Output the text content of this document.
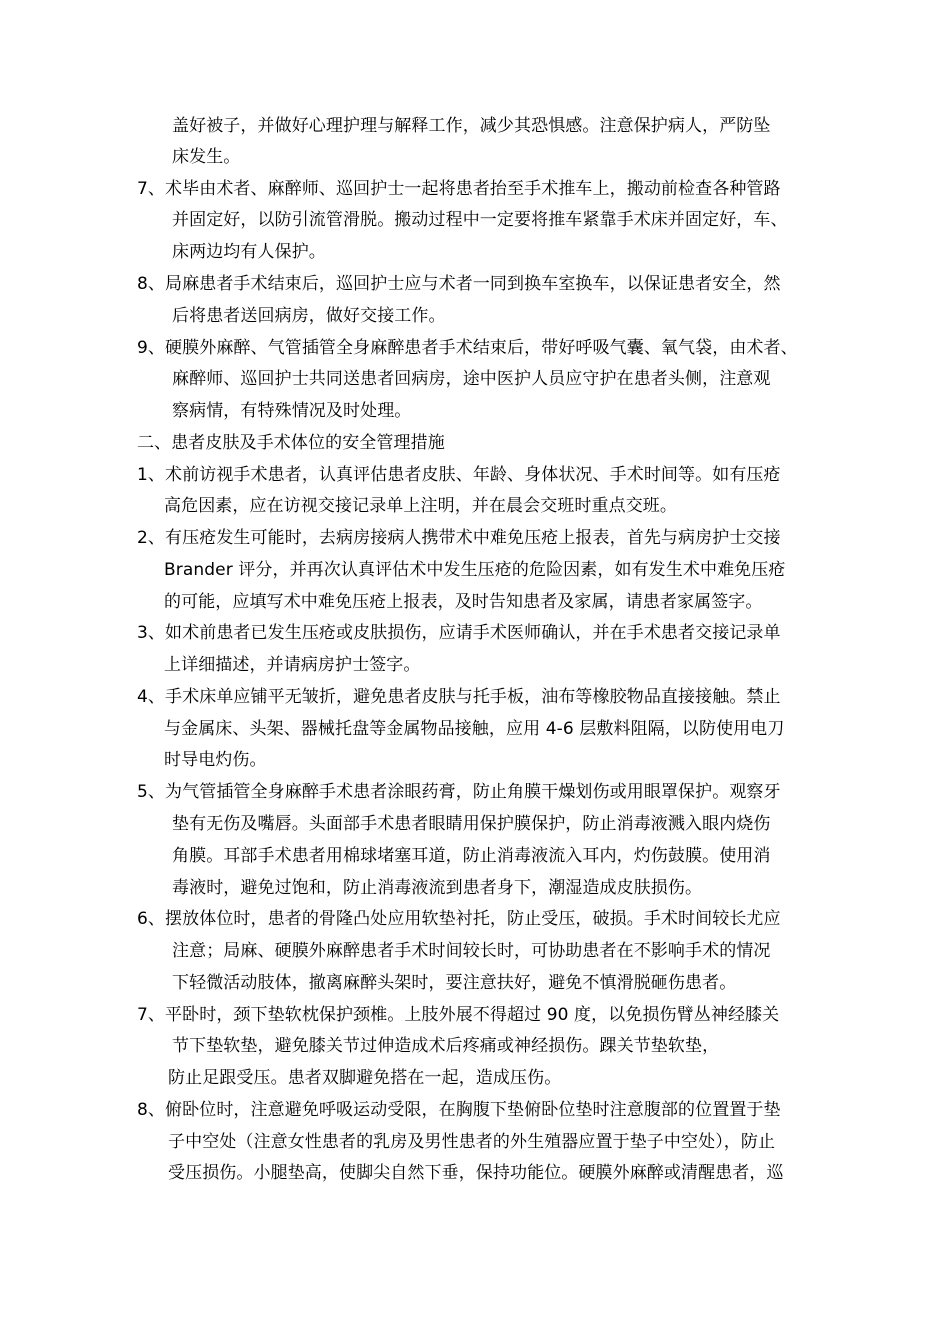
盖好被子，并做好心理护理与解释工作，减少其恐惧感。注意保护病人，严防坠
床发生。
7、术毕由术者、麻醉师、巡回护士一起将患者抬至手术推车上，搬动前检查各种管路
并固定好，以防引流管滑脱。搬动过程中一定要将推车紧靠手术床并固定好，车、
床两边均有人保护。
8、局麻患者手术结束后，巡回护士应与术者一同到换车室换车，以保证患者安全，然
后将患者送回病房，做好交接工作。
9、硬膜外麻醉、气管插管全身麻醉患者手术结束后，带好呼吸气囊、氧气袋，由术者、
麻醉师、巡回护士共同送患者回病房，途中医护人员应守护在患者头侧，注意观
察病情，有特殊情况及时处理。
二、患者皮肤及手术体位的安全管理措施
1、术前访视手术患者，认真评估患者皮肤、年龄、身体状况、手术时间等。如有压疮
高危因素，应在访视交接记录单上注明，并在晨会交班时重点交班。
2、有压疮发生可能时，去病房接病人携带术中难免压疮上报表，首先与病房护士交接
Brander 评分，并再次认真评估术中发生压疮的危险因素，如有发生术中难免压疮
的可能，应填写术中难免压疮上报表，及时告知患者及家属，请患者家属签字。
3、如术前患者已发生压疮或皮肤损伤，应请手术医师确认，并在手术患者交接记录单
上详细描述，并请病房护士签字。
4、手术床单应铺平无皱折，避免患者皮肤与托手板，油布等橡胶物品直接接触。禁止
与金属床、头架、器械托盘等金属物品接触，应用 4-6 层敷料阻隔，以防使用电刀
时导电灼伤。
5、为气管插管全身麻醉手术患者涂眼药膏，防止角膜干燥划伤或用眼罩保护。观察牙
垫有无伤及嘴唇。头面部手术患者眼睛用保护膜保护，防止消毒液溅入眼内烧伤
角膜。耳部手术患者用棉球堵塞耳道，防止消毒液流入耳内，灼伤鼓膜。使用消
毒液时，避免过饱和，防止消毒液流到患者身下，潮湿造成皮肤损伤。
6、摆放体位时，患者的骨隆凸处应用软垫衬托，防止受压，破损。手术时间较长尤应
注意；局麻、硬膜外麻醉患者手术时间较长时，可协助患者在不影响手术的情况
下轻微活动肢体，撤离麻醉头架时，要注意扶好，避免不慎滑脱砸伤患者。
7、平卧时，颈下垫软枕保护颈椎。上肢外展不得超过 90 度，以免损伤臂丛神经膝关
节下垫软垫，避免膝关节过伸造成术后疼痛或神经损伤。踝关节垫软垫，
防止足跟受压。患者双脚避免搭在一起，造成压伤。
8、俯卧位时，注意避免呼吸运动受限，在胸腹下垫俯卧位垫时注意腹部的位置置于垫
子中空处（注意女性患者的乳房及男性患者的外生殖器应置于垫子中空处），防止
受压损伤。小腿垫高，使脚尖自然下垂，保持功能位。硬膜外麻醉或清醒患者，巡
